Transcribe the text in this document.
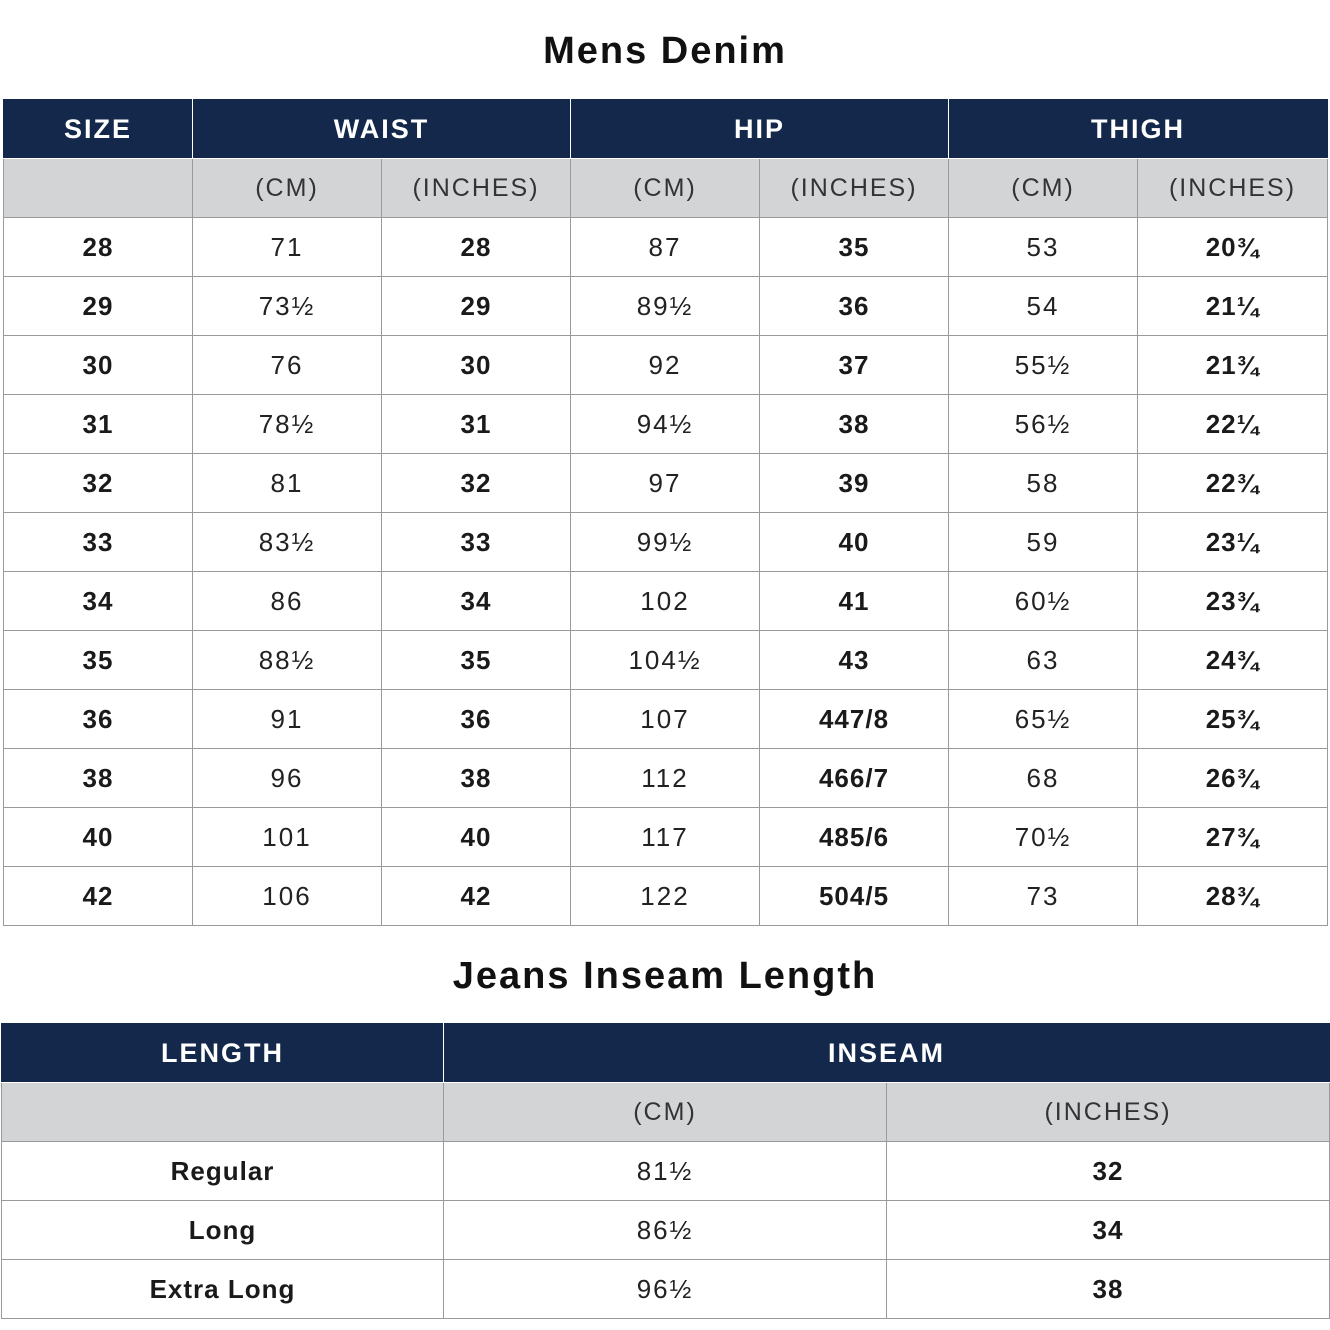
Mens Denim
SIZE	WAIST		HIP		THIGH	
	(CM)	(INCHES)	(CM)	(INCHES)	(CM)	(INCHES)
28	71	28	87	35	53	20¾
29	73½	29	89½	36	54	21¼
30	76	30	92	37	55½	21¾
31	78½	31	94½	38	56½	22¼
32	81	32	97	39	58	22¾
33	83½	33	99½	40	59	23¼
34	86	34	102	41	60½	23¾
35	88½	35	104½	43	63	24¾
36	91	36	107	447/8	65½	25¾
38	96	38	112	466/7	68	26¾
40	101	40	117	485/6	70½	27¾
42	106	42	122	504/5	73	28¾
Jeans Inseam Length
LENGTH	INSEAM	
	(CM)	(INCHES)
Regular	81½	32
Long	86½	34
Extra Long	96½	38
